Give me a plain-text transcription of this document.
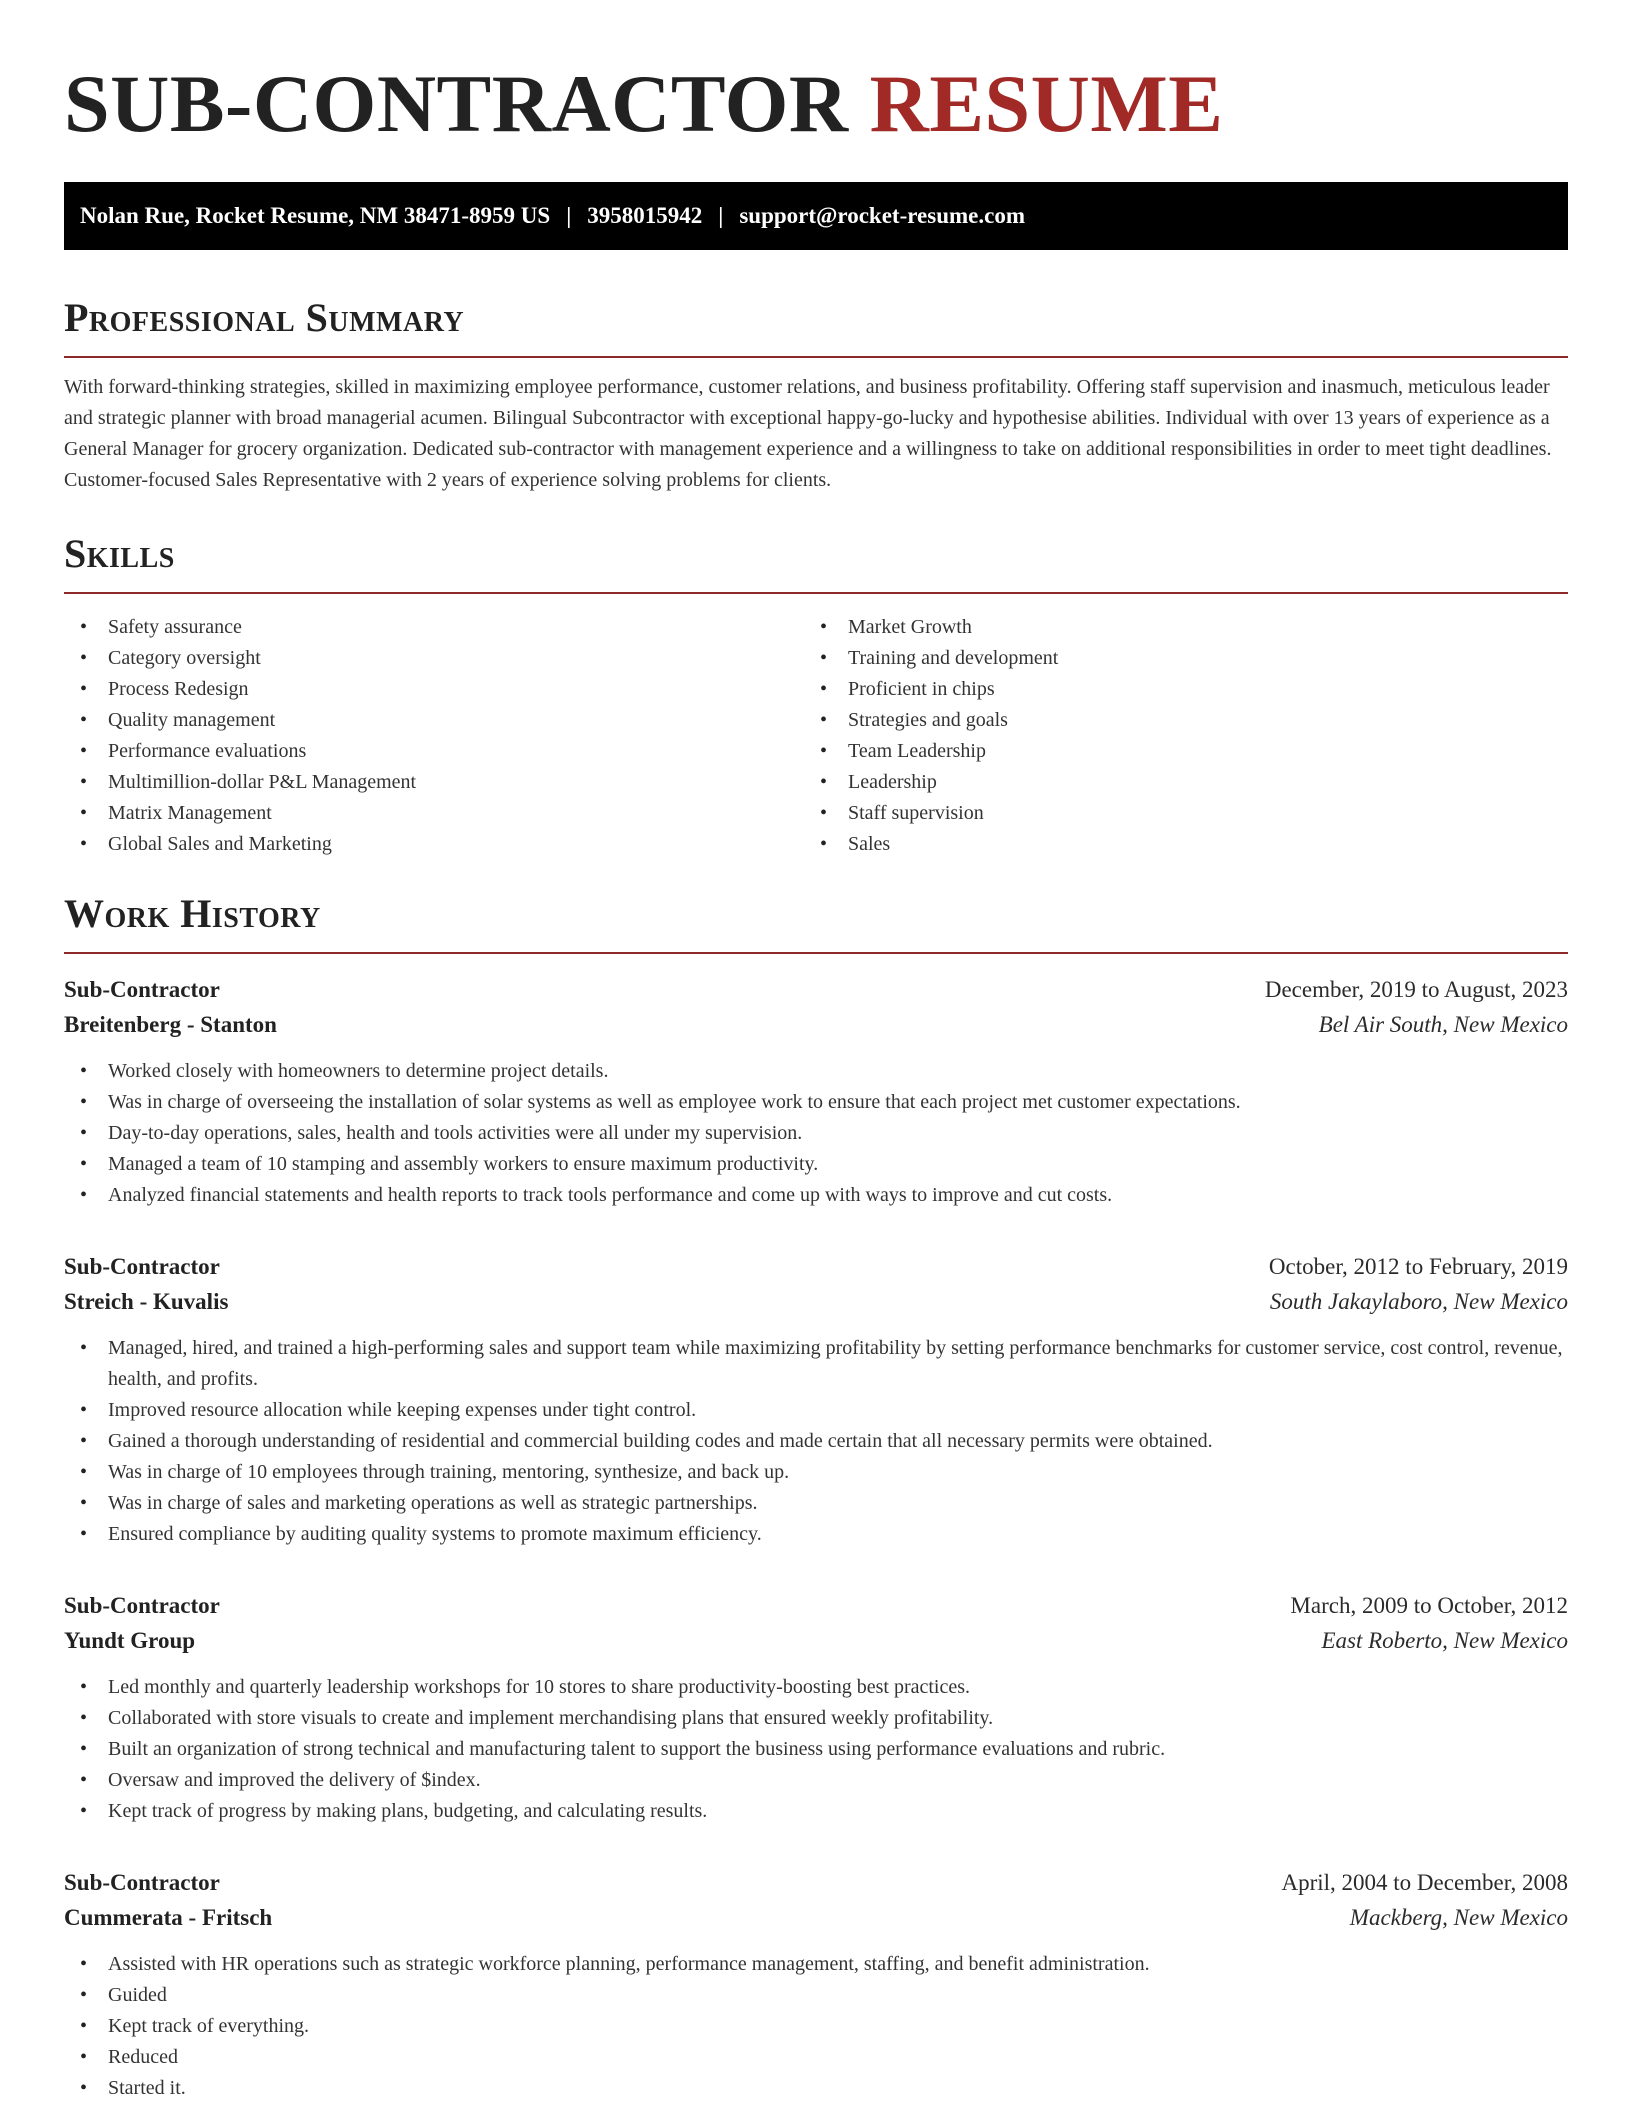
SUB-CONTRACTOR RESUME
Nolan Rue, Rocket Resume, NM 38471-8959 US | 3958015942 | support@rocket-resume.com
Professional Summary

With forward-thinking strategies, skilled in maximizing employee performance, customer relations, and business profitability. Offering staff supervision and inasmuch, meticulous leader and strategic planner with broad managerial acumen. Bilingual Subcontractor with exceptional happy-go-lucky and hypothesise abilities. Individual with over 13 years of experience as a General Manager for grocery organization. Dedicated sub-contractor with management experience and a willingness to take on additional responsibilities in order to meet tight deadlines. Customer-focused Sales Representative with 2 years of experience solving problems for clients.

Skills
• Safety assurance
• Category oversight
• Process Redesign
• Quality management
• Performance evaluations
• Multimillion-dollar P&L Management
• Matrix Management
• Global Sales and Marketing
• Market Growth
• Training and development
• Proficient in chips
• Strategies and goals
• Team Leadership
• Leadership
• Staff supervision
• Sales
Work History
Sub-Contractor	December, 2019 to August, 2023
Breitenberg - Stanton	Bel Air South, New Mexico
• Worked closely with homeowners to determine project details.
• Was in charge of overseeing the installation of solar systems as well as employee work to ensure that each project met customer expectations.
• Day-to-day operations, sales, health and tools activities were all under my supervision.
• Managed a team of 10 stamping and assembly workers to ensure maximum productivity.
• Analyzed financial statements and health reports to track tools performance and come up with ways to improve and cut costs.
Sub-Contractor	October, 2012 to February, 2019
Streich - Kuvalis	South Jakaylaboro, New Mexico
• Managed, hired, and trained a high-performing sales and support team while maximizing profitability by setting performance benchmarks for customer service, cost control, revenue, health, and profits.
• Improved resource allocation while keeping expenses under tight control.
• Gained a thorough understanding of residential and commercial building codes and made certain that all necessary permits were obtained.
• Was in charge of 10 employees through training, mentoring, synthesize, and back up.
• Was in charge of sales and marketing operations as well as strategic partnerships.
• Ensured compliance by auditing quality systems to promote maximum efficiency.
Sub-Contractor	March, 2009 to October, 2012
Yundt Group	East Roberto, New Mexico
• Led monthly and quarterly leadership workshops for 10 stores to share productivity-boosting best practices.
• Collaborated with store visuals to create and implement merchandising plans that ensured weekly profitability.
• Built an organization of strong technical and manufacturing talent to support the business using performance evaluations and rubric.
• Oversaw and improved the delivery of $index.
• Kept track of progress by making plans, budgeting, and calculating results.
Sub-Contractor	April, 2004 to December, 2008
Cummerata - Fritsch	Mackberg, New Mexico
• Assisted with HR operations such as strategic workforce planning, performance management, staffing, and benefit administration.
• Guided
• Kept track of everything.
• Reduced
• Started it.
